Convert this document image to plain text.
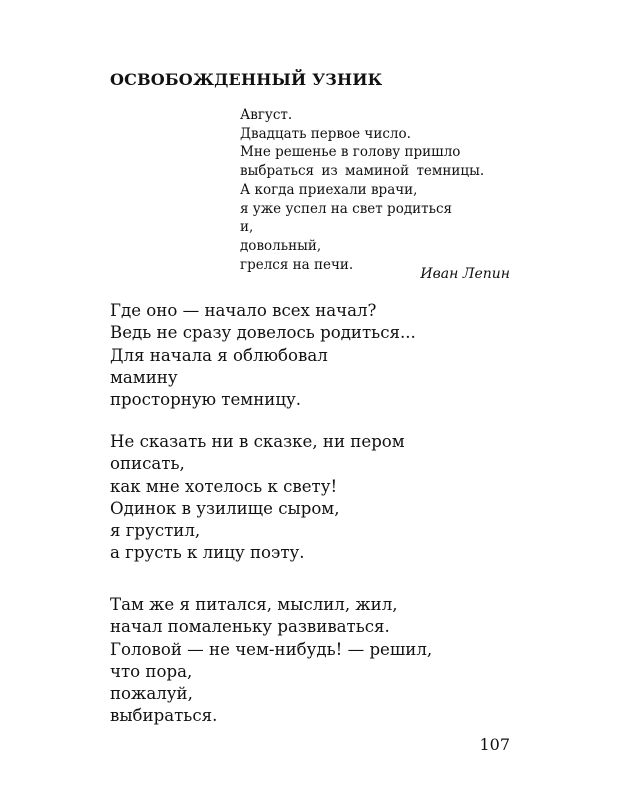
ОСВОБОЖДЕННЫЙ УЗНИК
Август.
Двадцать первое число.
Мне решенье в голову пришло
выбраться из маминой темницы.
А когда приехали врачи,
я уже успел на свет родиться
и,
довольный,
грелся на печи.
Иван Лепин
Где оно — начало всех начал?
Ведь не сразу довелось родиться...
Для начала я облюбовал
мамину
просторную темницу.
Не сказать ни в сказке, ни пером
описать,
как мне хотелось к свету!
Одинок в узилище сыром,
я грустил,
а грусть к лицу поэту.
Там же я питался, мыслил, жил,
начал помаленьку развиваться.
Головой — не чем-нибудь! — решил,
что пора,
пожалуй,
выбираться.
107
